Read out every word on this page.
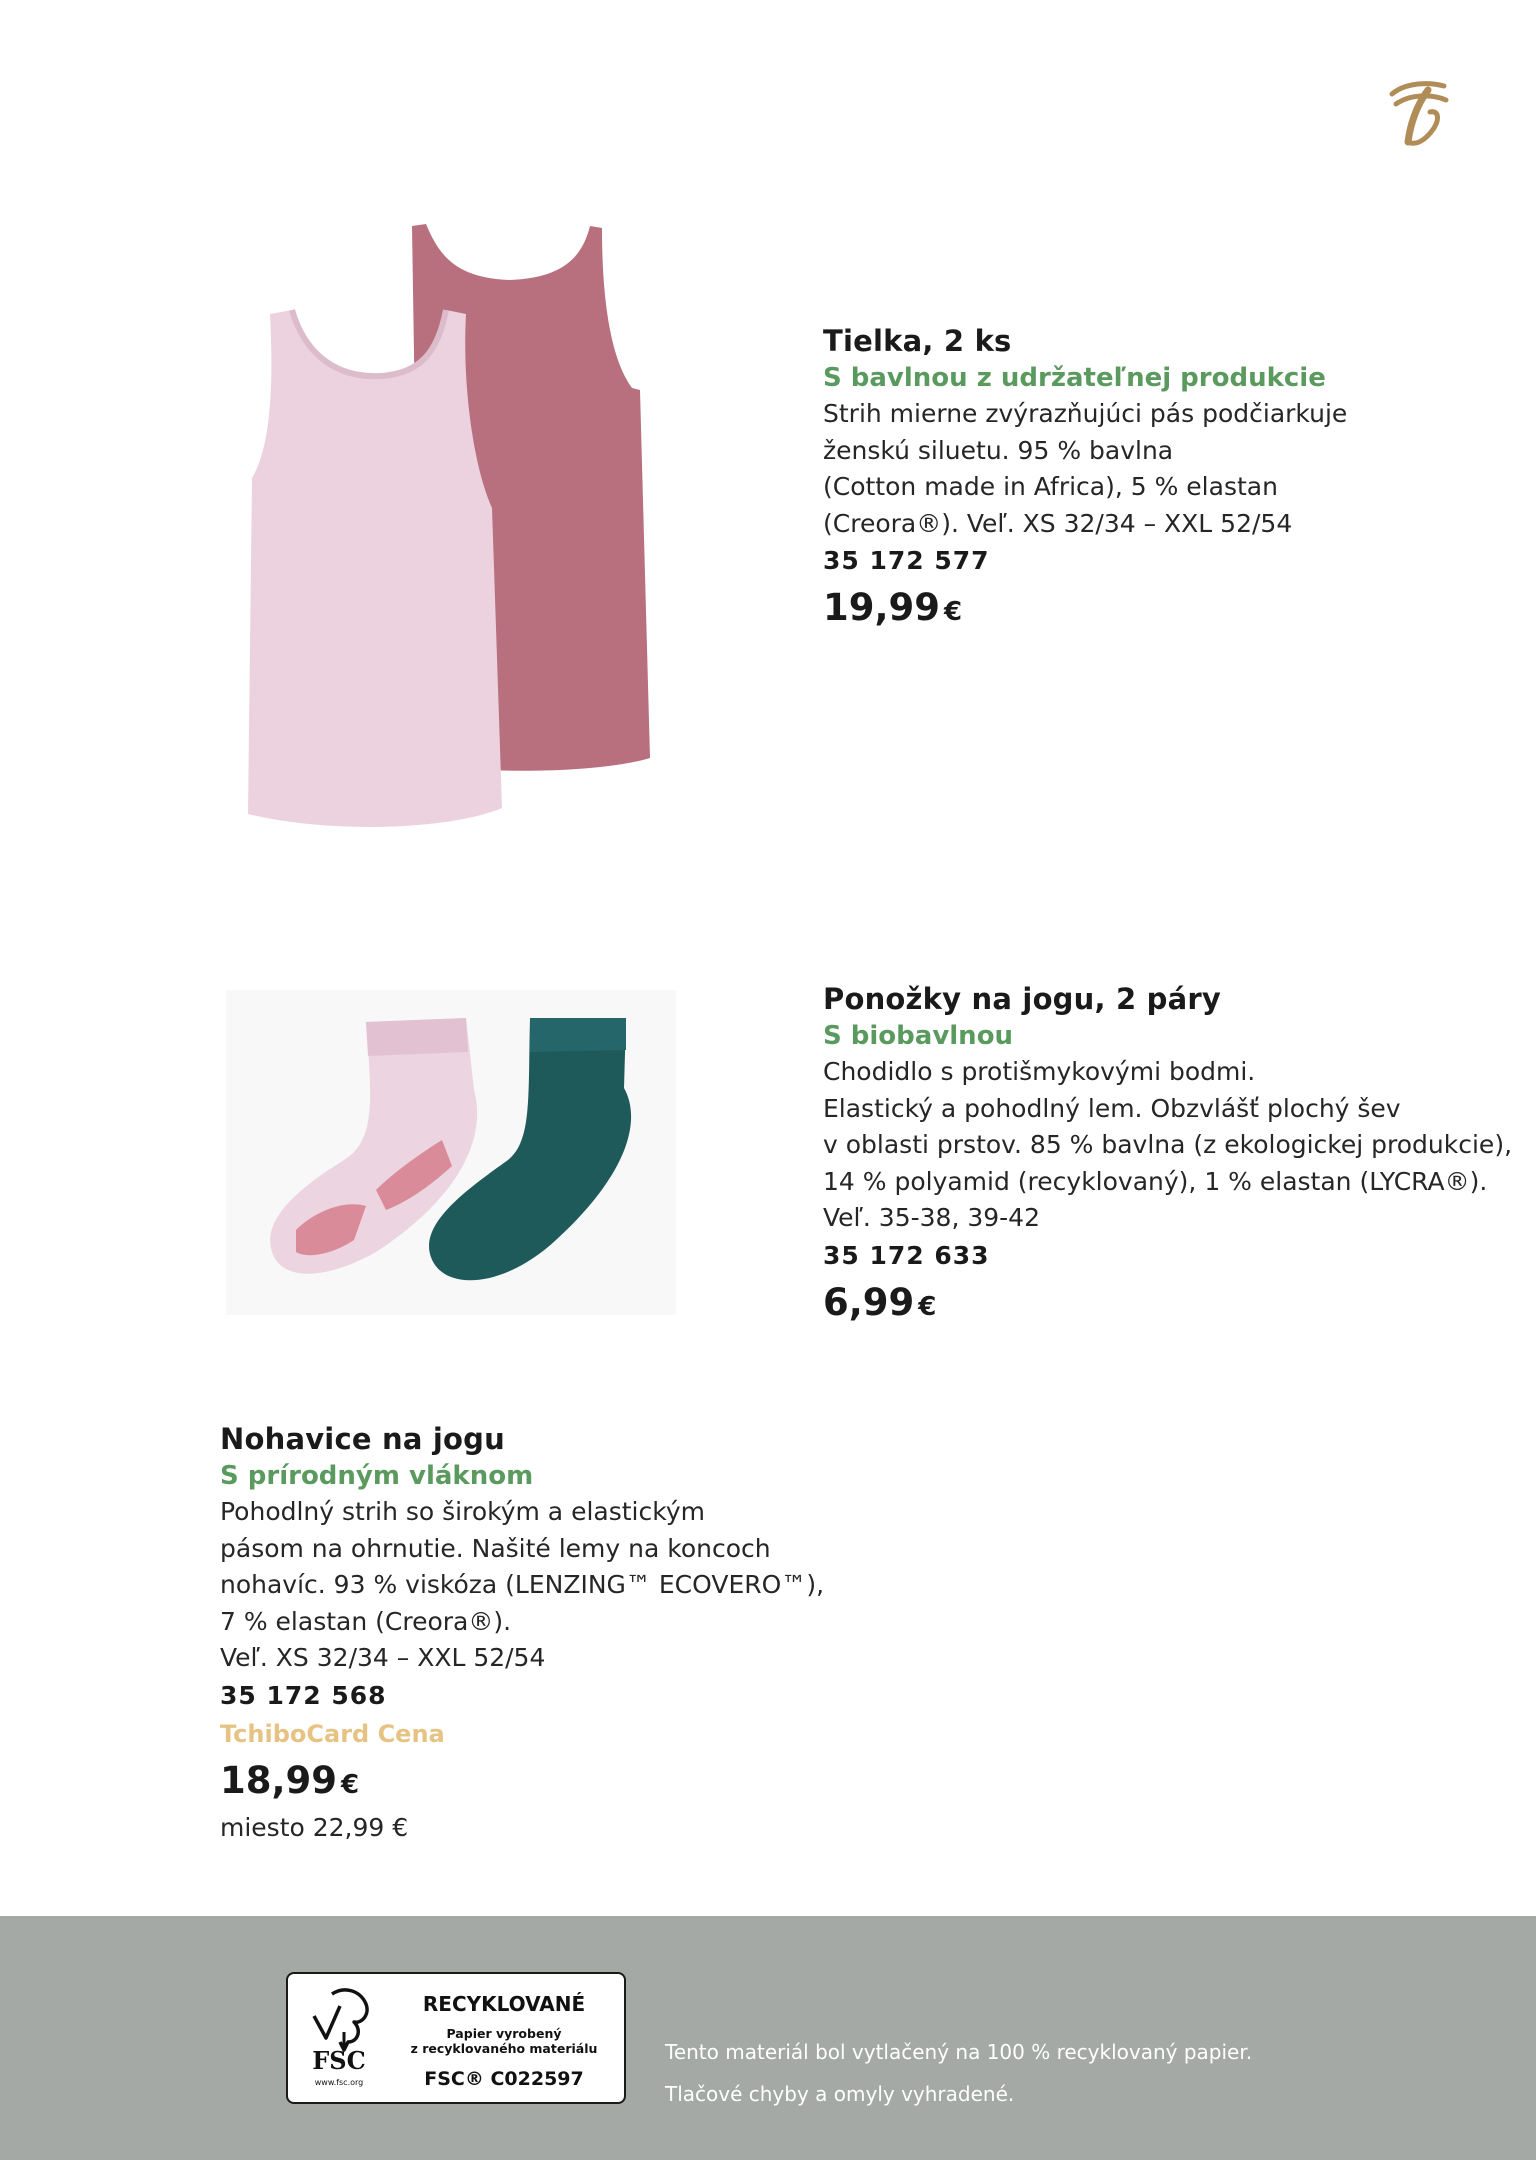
Tielka, 2 ks
S bavlnou z udržateľnej produkcie
Strih mierne zvýrazňujúci pás podčiarkuje
ženskú siluetu. 95 % bavlna
(Cotton made in Africa), 5 % elastan
(Creora®). Veľ. XS 32/34 – XXL 52/54
35 172 577
19,99 €
Ponožky na jogu, 2 páry
S biobavlnou
Chodidlo s protišmykovými bodmi.
Elastický a pohodlný lem. Obzvlášť plochý šev
v oblasti prstov. 85 % bavlna (z ekologickej produkcie),
14 % polyamid (recyklovaný), 1 % elastan (LYCRA®).
Veľ. 35-38, 39-42
35 172 633
6,99 €
Nohavice na jogu
S prírodným vláknom
Pohodlný strih so širokým a elastickým
pásom na ohrnutie. Našité lemy na koncoch
nohavíc. 93 % viskóza (LENZING™ ECOVERO™),
7 % elastan (Creora®).
Veľ. XS 32/34 – XXL 52/54
35 172 568
TchiboCard Cena
18,99 €
miesto 22,99 €
FSC
www.fsc.org
RECYKLOVANÉ
Papier vyrobený
z recyklovaného materiálu
FSC® C022597
Tento materiál bol vytlačený na 100 % recyklovaný papier.
Tlačové chyby a omyly vyhradené.
